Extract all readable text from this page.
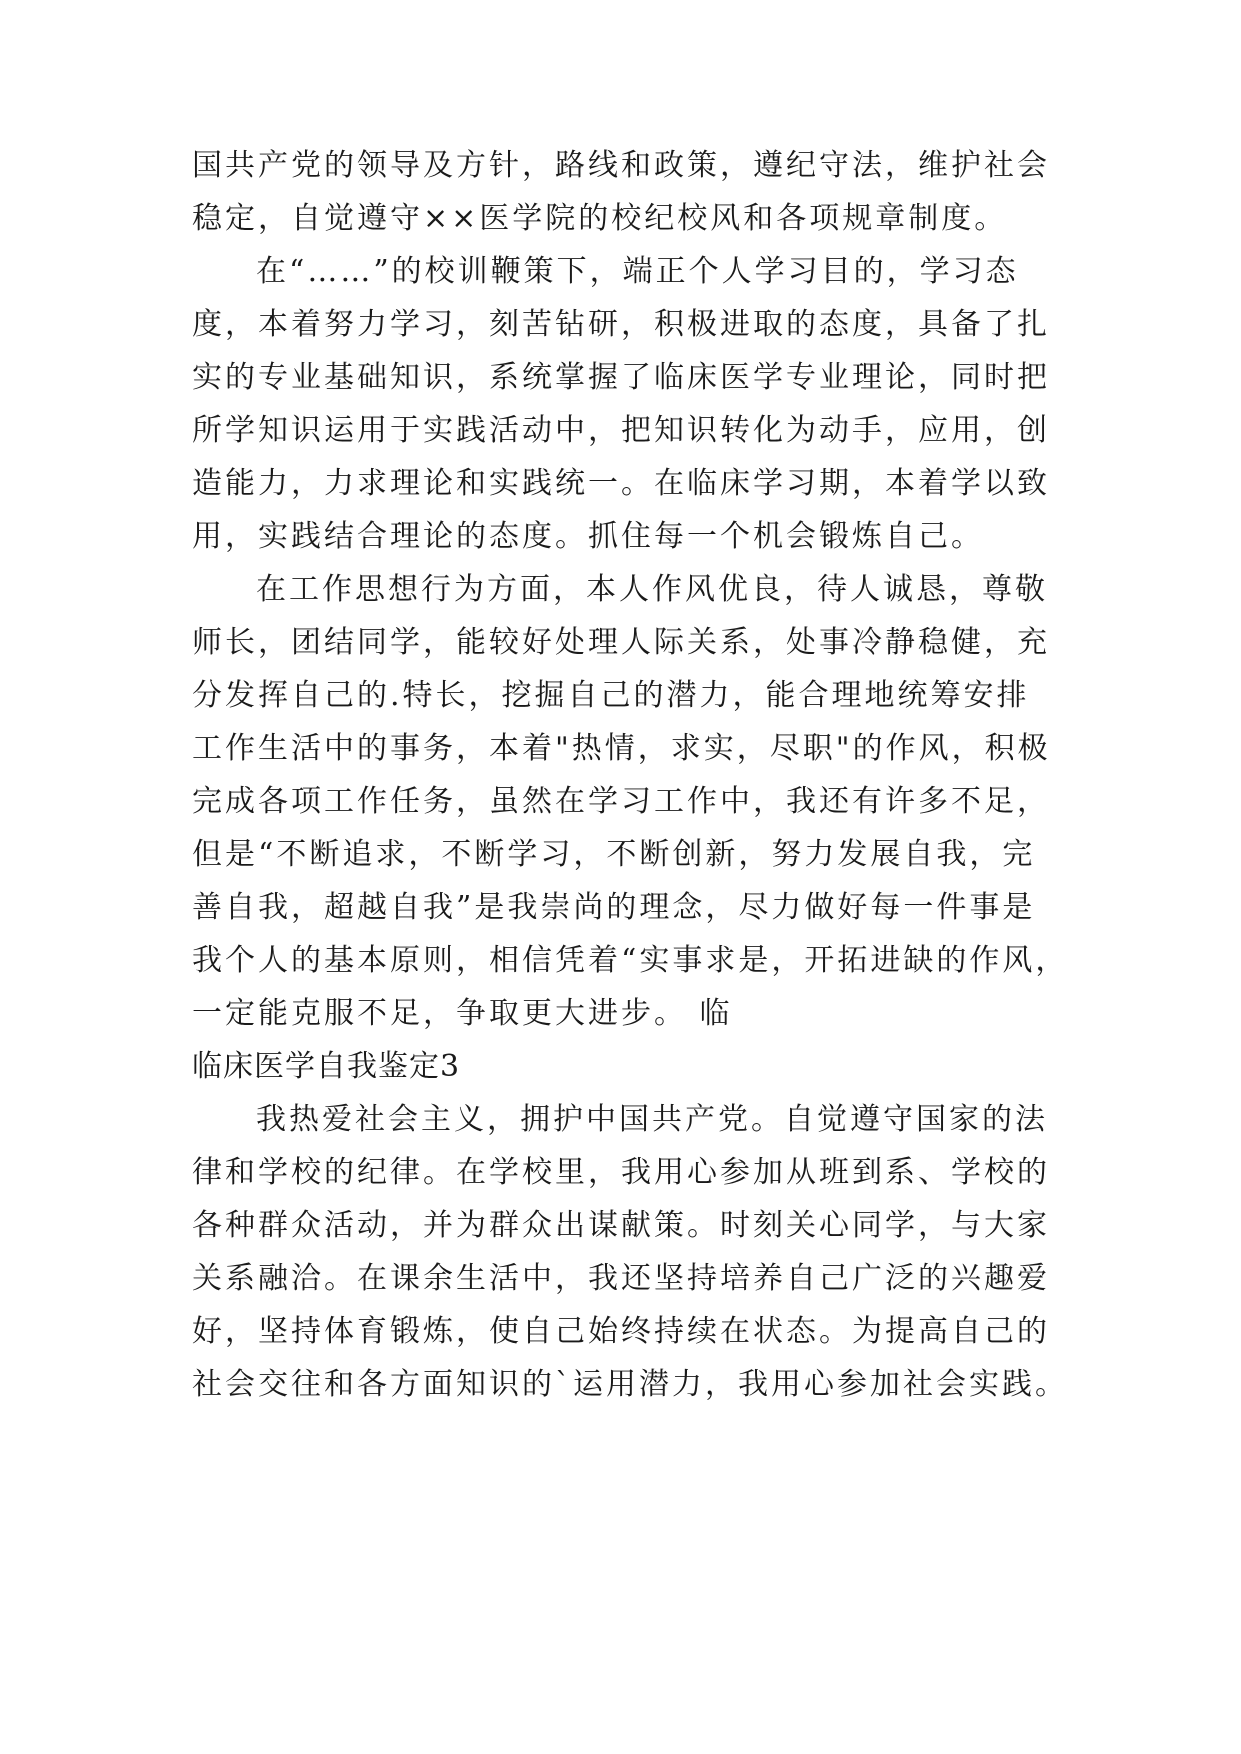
国共产党的领导及方针，路线和政策，遵纪守法，维护社会
稳定，自觉遵守××医学院的校纪校风和各项规章制度。
在“……”的校训鞭策下，端正个人学习目的，学习态
度，本着努力学习，刻苦钻研，积极进取的态度，具备了扎
实的专业基础知识，系统掌握了临床医学专业理论，同时把
所学知识运用于实践活动中，把知识转化为动手，应用，创
造能力，力求理论和实践统一。在临床学习期，本着学以致
用，实践结合理论的态度。抓住每一个机会锻炼自己。
在工作思想行为方面，本人作风优良，待人诚恳，尊敬
师长，团结同学，能较好处理人际关系，处事冷静稳健，充
分发挥自己的.特长，挖掘自己的潜力，能合理地统筹安排
工作生活中的事务，本着"热情，求实，尽职"的作风，积极
完成各项工作任务，虽然在学习工作中，我还有许多不足，
但是“不断追求，不断学习，不断创新，努力发展自我，完
善自我，超越自我”是我崇尚的理念，尽力做好每一件事是
我个人的基本原则，相信凭着“实事求是，开拓进缺的作风，
一定能克服不足，争取更大进步。 临
临床医学自我鉴定3
我热爱社会主义，拥护中国共产党。自觉遵守国家的法
律和学校的纪律。在学校里，我用心参加从班到系、学校的
各种群众活动，并为群众出谋献策。时刻关心同学，与大家
关系融洽。在课余生活中，我还坚持培养自己广泛的兴趣爱
好，坚持体育锻炼，使自己始终持续在状态。为提高自己的
社会交往和各方面知识的`运用潜力，我用心参加社会实践。
